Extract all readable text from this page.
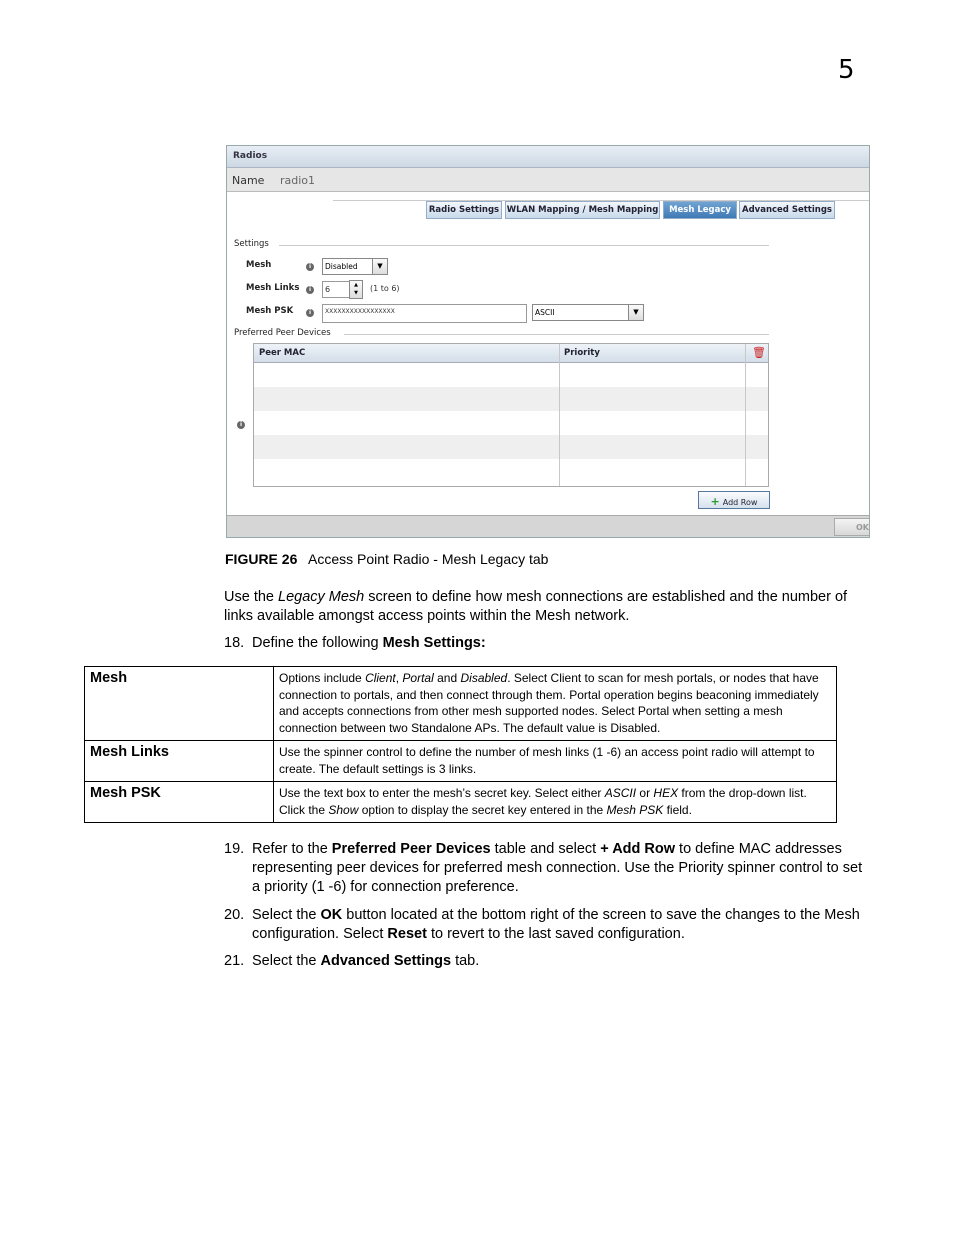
5
Radios
Name radio1
Radio Settings WLAN Mapping / Mesh Mapping	Mesh Legacy	Advanced Settings
Settings
Mesh	i	Disabled	▼
Mesh Links	i	6	▲
▼	(1 to 6)
Mesh PSK	i	XXXXXXXXXXXXXXXXX	ASCII	▼
Preferred Peer Devices
i
Peer MAC	Priority	🗑
+ Add Row
OK
FIGURE 26 Access Point Radio - Mesh Legacy tab
Use the Legacy Mesh screen to define how mesh connections are established and the number of links available amongst access points within the Mesh network.
18. Define the following Mesh Settings:
Mesh	Options include Client, Portal and Disabled. Select Client to scan for mesh portals, or nodes that have connection to portals, and then connect through them. Portal operation begins beaconing immediately and accepts connections from other mesh supported nodes. Select Portal when setting a mesh connection between two Standalone APs. The default value is Disabled.
Mesh Links	Use the spinner control to define the number of mesh links (1 -6) an access point radio will attempt to create. The default settings is 3 links.
Mesh PSK	Use the text box to enter the mesh’s secret key. Select either ASCII or HEX from the drop-down list. Click the Show option to display the secret key entered in the Mesh PSK field.
19. Refer to the Preferred Peer Devices table and select + Add Row to define MAC addresses representing peer devices for preferred mesh connection. Use the Priority spinner control to set a priority (1 -6) for connection preference.
20. Select the OK button located at the bottom right of the screen to save the changes to the Mesh configuration. Select Reset to revert to the last saved configuration.
21. Select the Advanced Settings tab.
